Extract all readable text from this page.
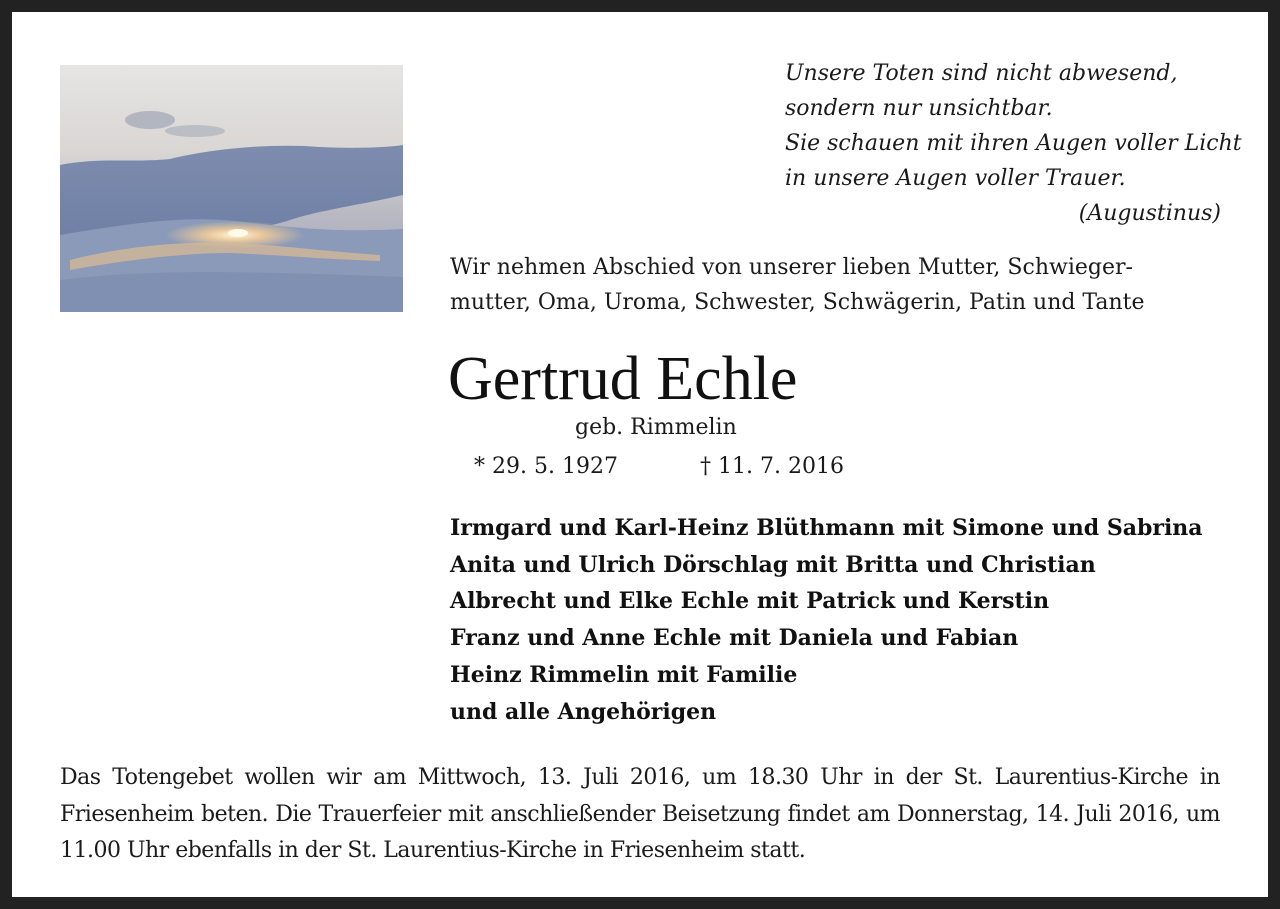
Unsere Toten sind nicht abwesend,
sondern nur unsichtbar.
Sie schauen mit ihren Augen voller Licht
in unsere Augen voller Trauer.
(Augustinus)
Wir nehmen Abschied von unserer lieben Mutter, Schwieger-
mutter, Oma, Uroma, Schwester, Schwägerin, Patin und Tante
Gertrud Echle
geb. Rimmelin
* 29. 5. 1927	† 11. 7. 2016
Irmgard und Karl-Heinz Blüthmann mit Simone und Sabrina
Anita und Ulrich Dörschlag mit Britta und Christian
Albrecht und Elke Echle mit Patrick und Kerstin
Franz und Anne Echle mit Daniela und Fabian
Heinz Rimmelin mit Familie
und alle Angehörigen
Das Totengebet wollen wir am Mittwoch, 13. Juli 2016, um 18.30 Uhr in der St. Laurentius-Kirche in Friesenheim beten. Die Trauerfeier mit anschließender Beisetzung findet am Donnerstag, 14. Juli 2016, um 11.00 Uhr ebenfalls in der St. Laurentius-Kirche in Friesenheim statt.
